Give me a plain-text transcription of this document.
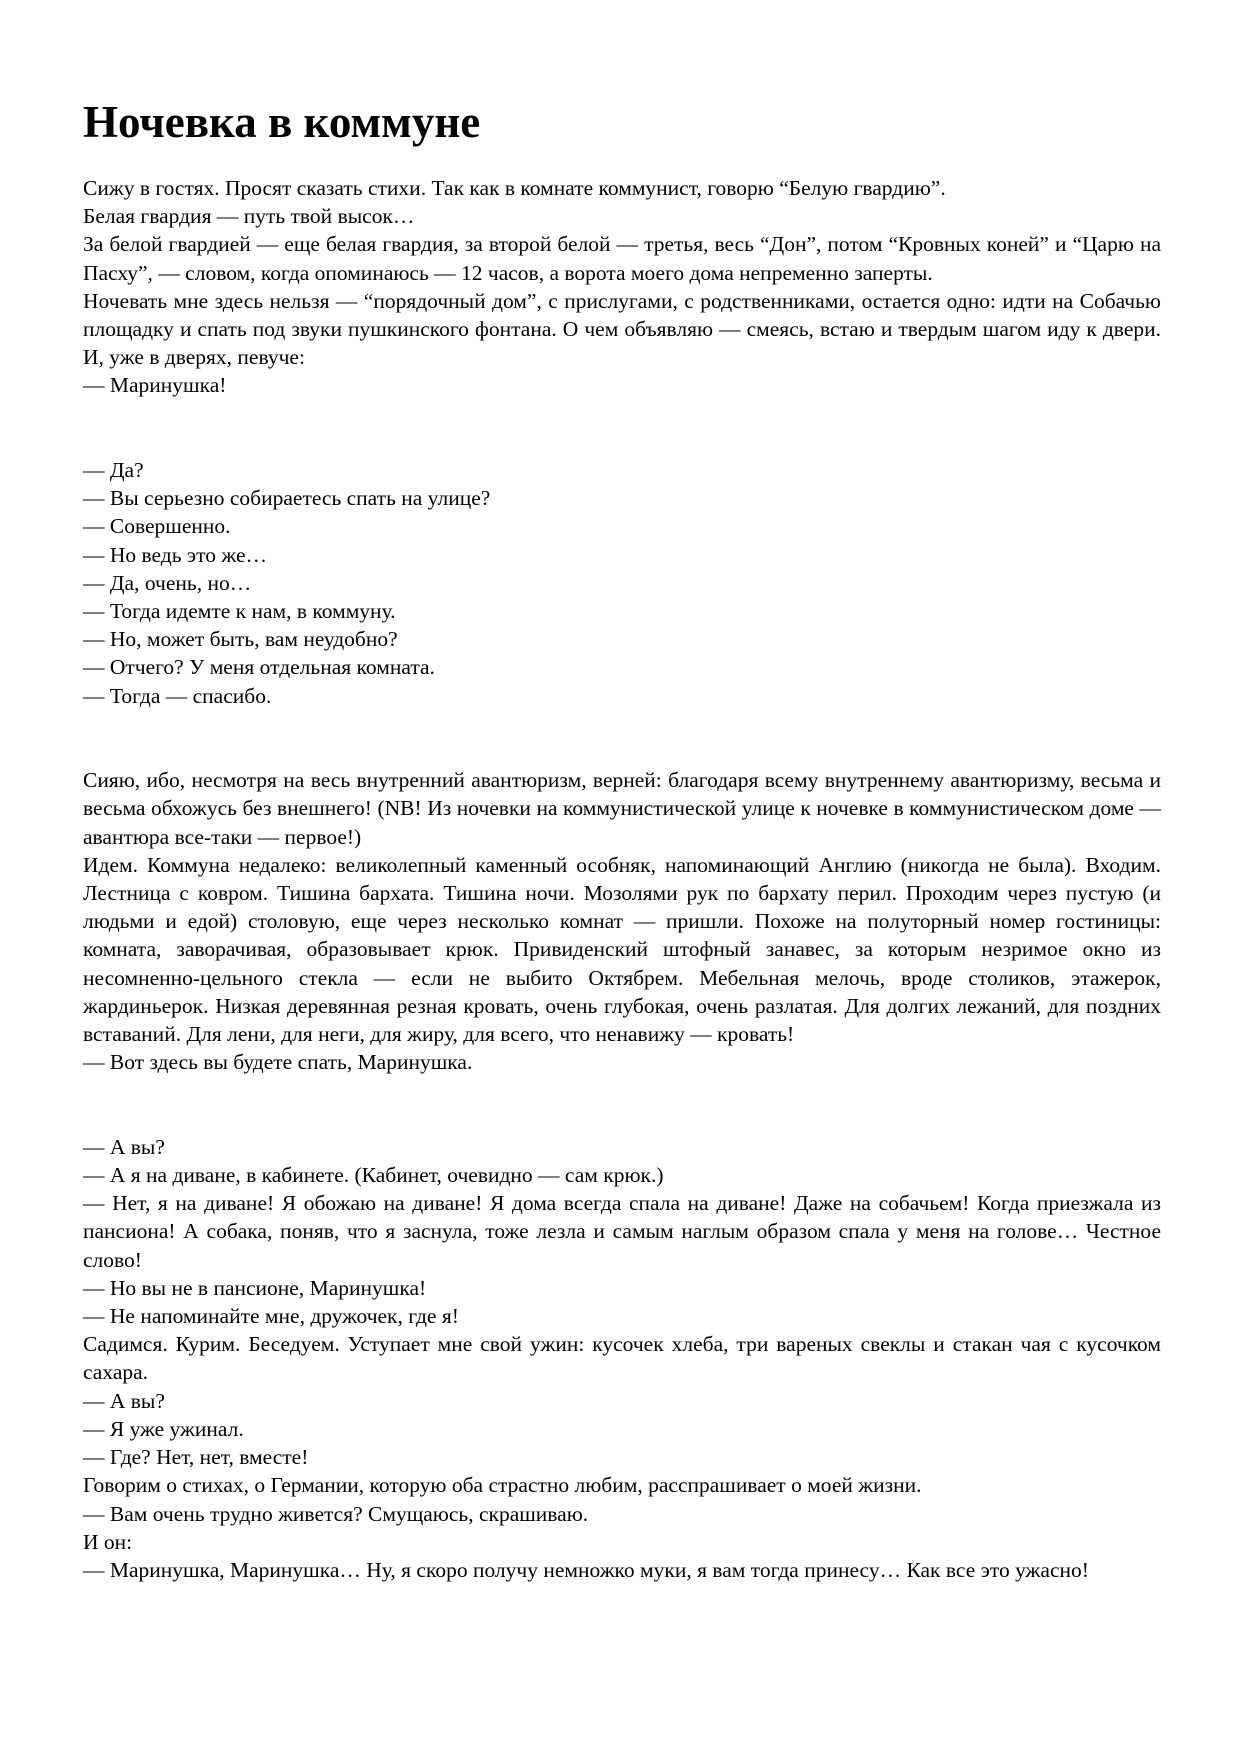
Ночевка в коммуне

Сижу в гостях. Просят сказать стихи. Так как в комнате коммунист, говорю “Белую гвардию”.

Белая гвардия — путь твой высок…

За белой гвардией — еще белая гвардия, за второй белой — третья, весь “Дон”, потом “Кровных коней” и “Царю на Пасху”, — словом, когда опоминаюсь — 12 часов, а ворота моего дома непременно заперты.

Ночевать мне здесь нельзя — “порядочный дом”, с прислугами, с родственниками, остается одно: идти на Собачью площадку и спать под звуки пушкинского фонтана. О чем объявляю — смеясь, встаю и твердым шагом иду к двери. И, уже в дверях, певуче:

— Маринушка!

— Да?

— Вы серьезно собираетесь спать на улице?

— Совершенно.

— Но ведь это же…

— Да, очень, но…

— Тогда идемте к нам, в коммуну.

— Но, может быть, вам неудобно?

— Отчего? У меня отдельная комната.

— Тогда — спасибо.

Сияю, ибо, несмотря на весь внутренний авантюризм, верней: благодаря всему внутреннему авантюризму, весьма и весьма обхожусь без внешнего! (NB! Из ночевки на коммунистической улице к ночевке в коммунистическом доме — авантюра все-таки — первое!)

Идем. Коммуна недалеко: великолепный каменный особняк, напоминающий Англию (никогда не была). Входим. Лестница с ковром. Тишина бархата. Тишина ночи. Мозолями рук по бархату перил. Проходим через пустую (и людьми и едой) столовую, еще через несколько комнат — пришли. Похоже на полуторный номер гостиницы: комната, заворачивая, образовывает крюк. Привиденский штофный занавес, за которым незримое окно из несомненно-цельного стекла — если не выбито Октябрем. Мебельная мелочь, вроде столиков, этажерок, жардиньерок. Низкая деревянная резная кровать, очень глубокая, очень разлатая. Для долгих лежаний, для поздних вставаний. Для лени, для неги, для жиру, для всего, что ненавижу — кровать!

— Вот здесь вы будете спать, Маринушка.

— А вы?

— А я на диване, в кабинете. (Кабинет, очевидно — сам крюк.)

— Нет, я на диване! Я обожаю на диване! Я дома всегда спала на диване! Даже на собачьем! Когда приезжала из пансиона! А собака, поняв, что я заснула, тоже лезла и самым наглым образом спала у меня на голове… Честное слово!

— Но вы не в пансионе, Маринушка!

— Не напоминайте мне, дружочек, где я!

Садимся. Курим. Беседуем. Уступает мне свой ужин: кусочек хлеба, три вареных свеклы и стакан чая с кусочком сахара.

— А вы?

— Я уже ужинал.

— Где? Нет, нет, вместе!

Говорим о стихах, о Германии, которую оба страстно любим, расспрашивает о моей жизни.

— Вам очень трудно живется? Смущаюсь, скрашиваю.

И он:

— Маринушка, Маринушка… Ну, я скоро получу немножко муки, я вам тогда принесу… Как все это ужасно!
